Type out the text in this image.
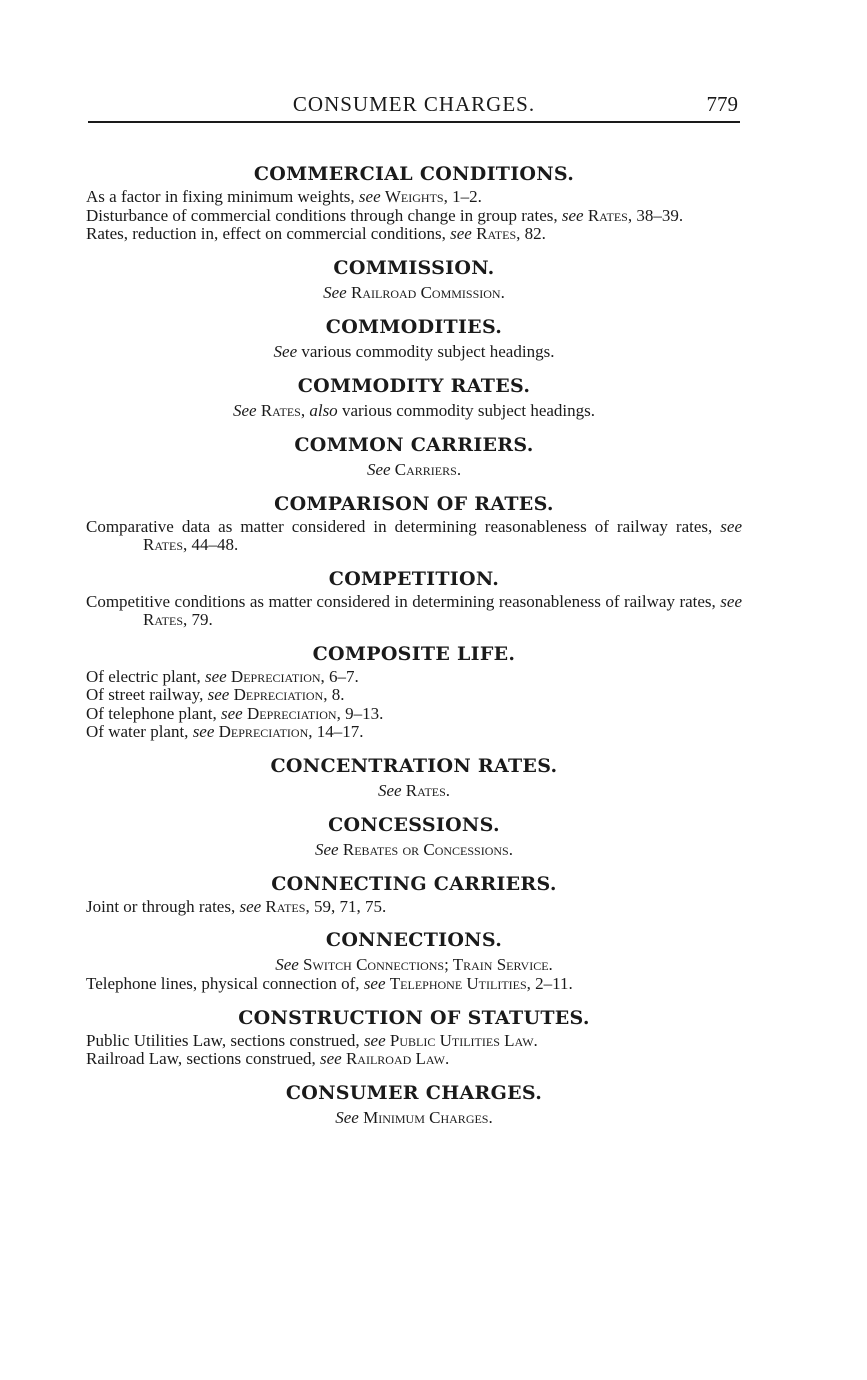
CONSUMER CHARGES.	779
COMMERCIAL CONDITIONS.
As a factor in fixing minimum weights, see Weights, 1–2.
Disturbance of commercial conditions through change in group rates, see Rates, 38–39.
Rates, reduction in, effect on commercial conditions, see Rates, 82.
COMMISSION.
See Railroad Commission.
COMMODITIES.
See various commodity subject headings.
COMMODITY RATES.
See Rates, also various commodity subject headings.
COMMON CARRIERS.
See Carriers.
COMPARISON OF RATES.
Comparative data as matter considered in determining reasonableness of railway rates, see Rates, 44–48.
COMPETITION.
Competitive conditions as matter considered in determining reasonableness of railway rates, see Rates, 79.
COMPOSITE LIFE.
Of electric plant, see Depreciation, 6–7.
Of street railway, see Depreciation, 8.
Of telephone plant, see Depreciation, 9–13.
Of water plant, see Depreciation, 14–17.
CONCENTRATION RATES.
See Rates.
CONCESSIONS.
See Rebates or Concessions.
CONNECTING CARRIERS.
Joint or through rates, see Rates, 59, 71, 75.
CONNECTIONS.
See Switch Connections; Train Service.
Telephone lines, physical connection of, see Telephone Utilities, 2–11.
CONSTRUCTION OF STATUTES.
Public Utilities Law, sections construed, see Public Utilities Law.
Railroad Law, sections construed, see Railroad Law.
CONSUMER CHARGES.
See Minimum Charges.
